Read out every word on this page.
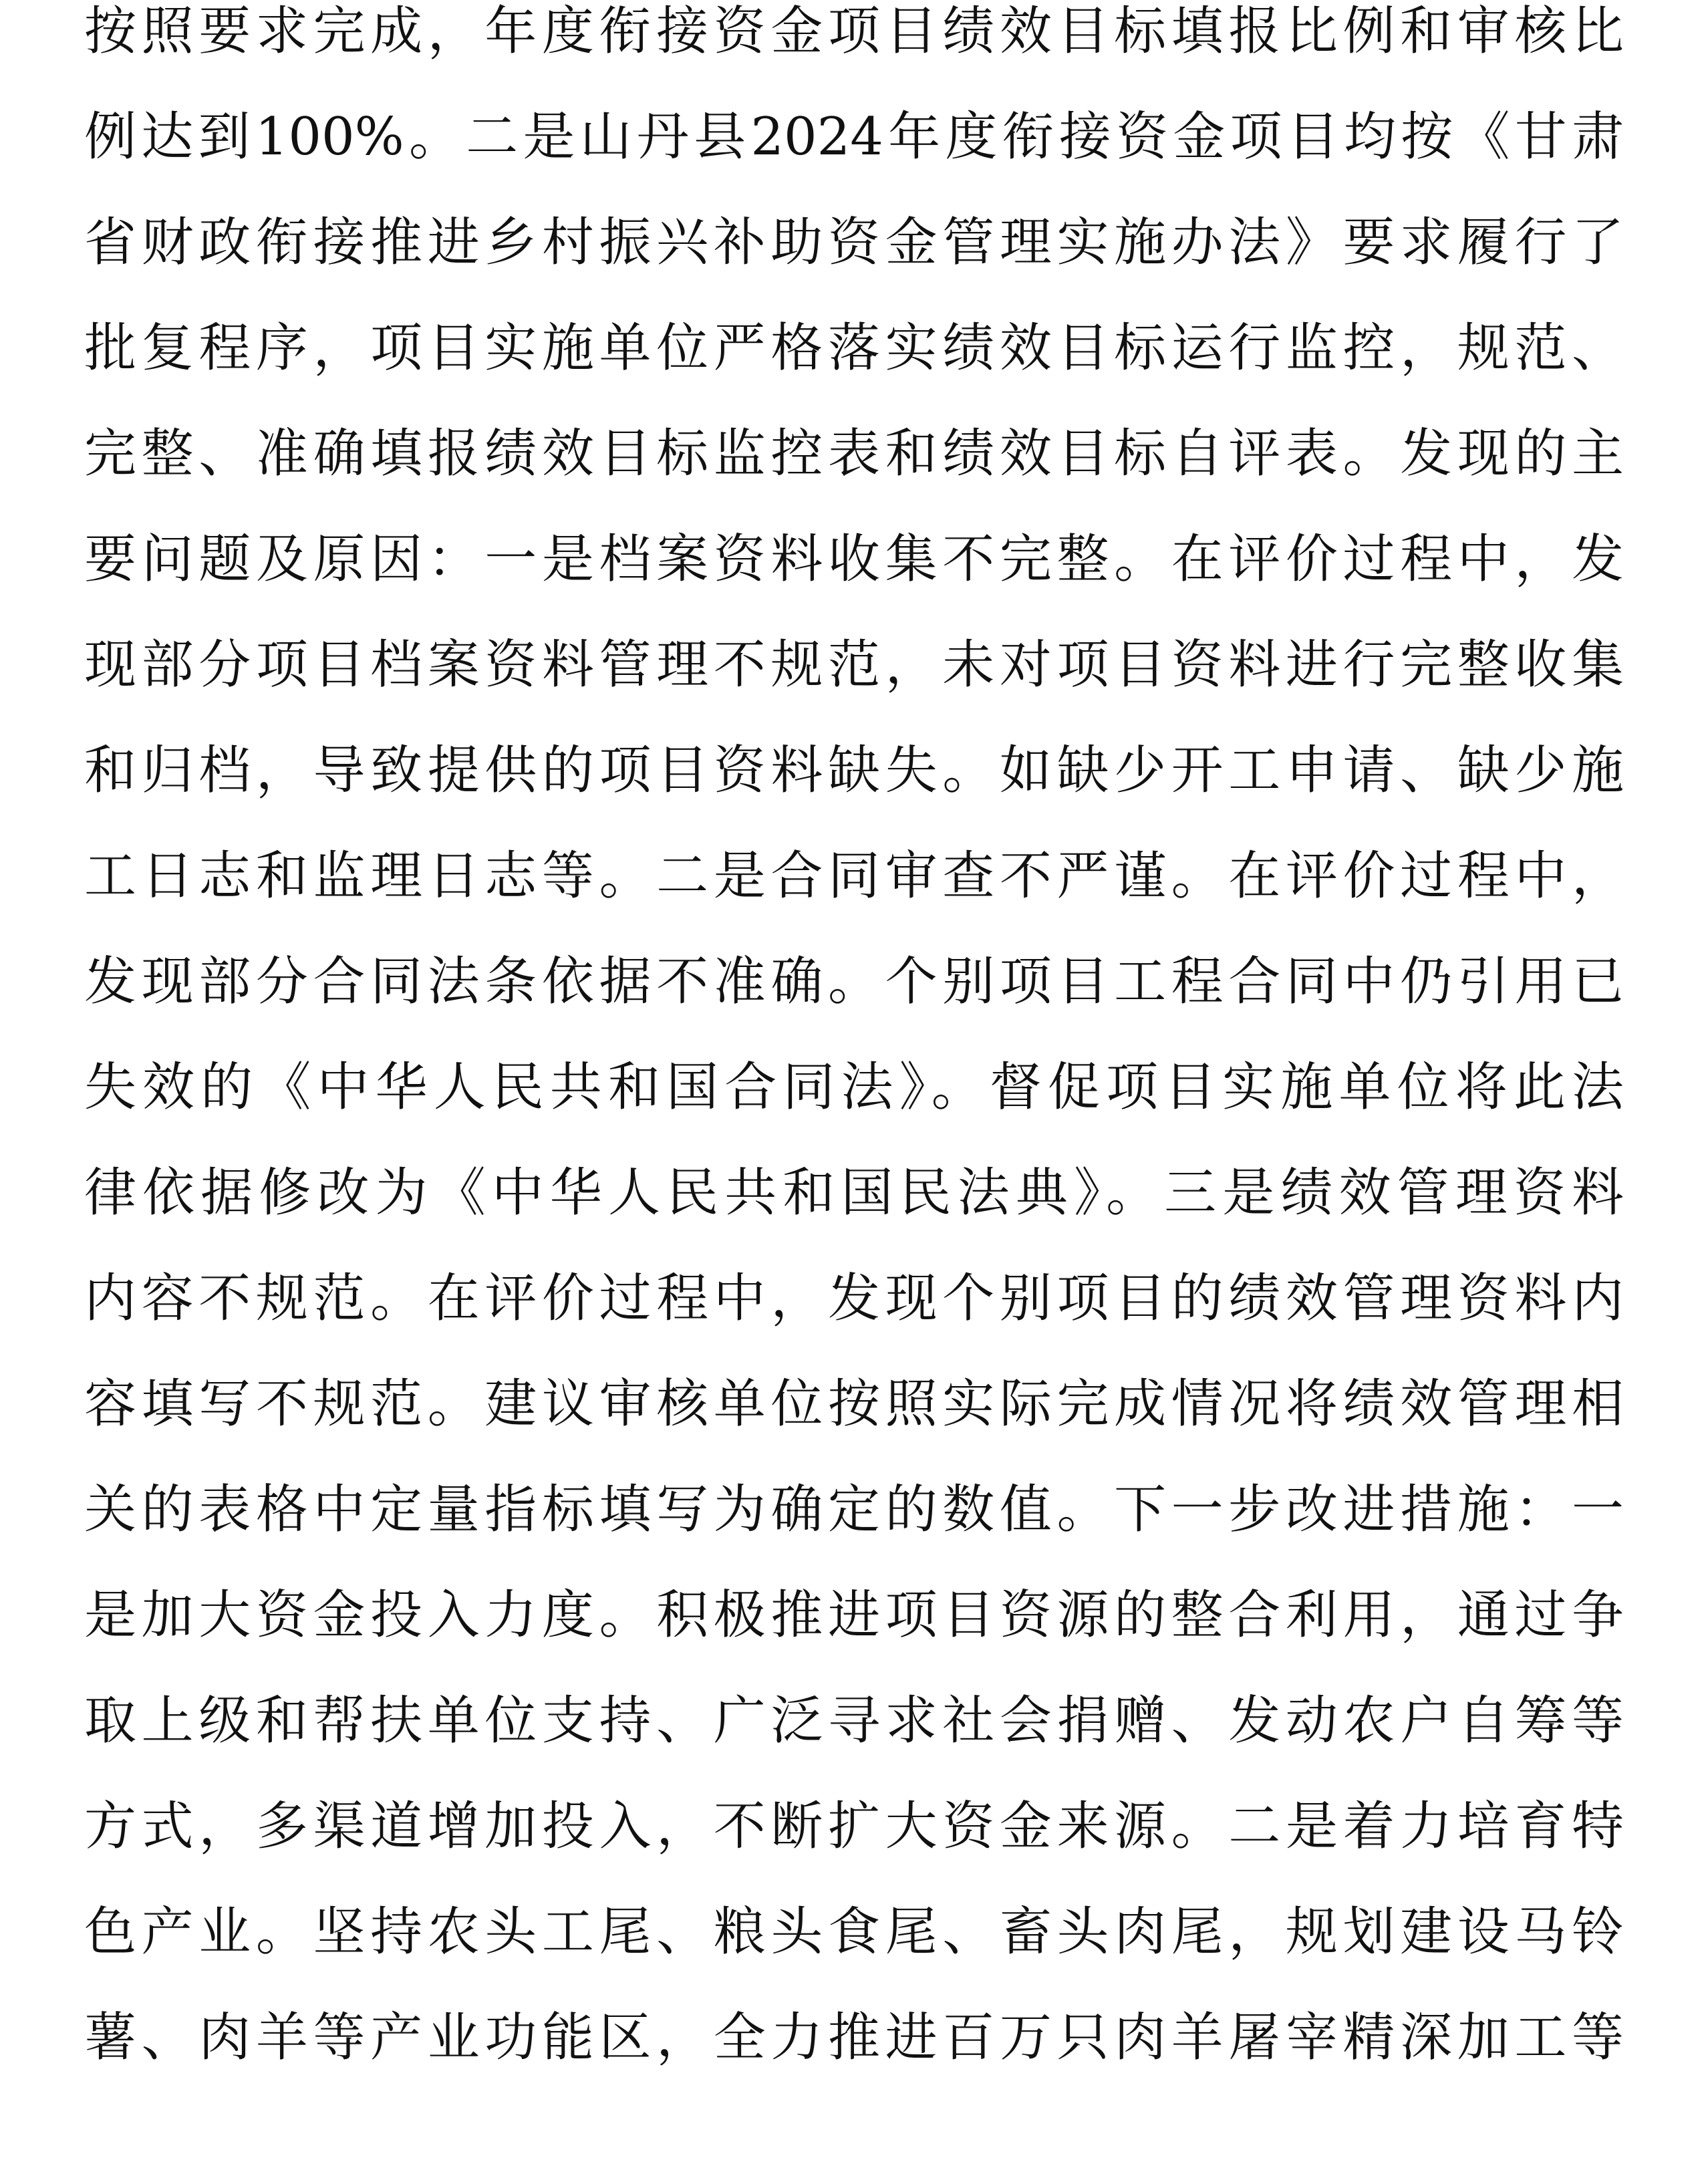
按照要求完成，年度衔接资金项目绩效目标填报比例和审核比
例达到100%。二是山丹县2024年度衔接资金项目均按《甘肃
省财政衔接推进乡村振兴补助资金管理实施办法》要求履行了
批复程序，项目实施单位严格落实绩效目标运行监控，规范、
完整、准确填报绩效目标监控表和绩效目标自评表。发现的主
要问题及原因：一是档案资料收集不完整。在评价过程中，发
现部分项目档案资料管理不规范，未对项目资料进行完整收集
和归档，导致提供的项目资料缺失。如缺少开工申请、缺少施
工日志和监理日志等。二是合同审查不严谨。在评价过程中，
发现部分合同法条依据不准确。个别项目工程合同中仍引用已
失效的《中华人民共和国合同法》。督促项目实施单位将此法
律依据修改为《中华人民共和国民法典》。三是绩效管理资料
内容不规范。在评价过程中，发现个别项目的绩效管理资料内
容填写不规范。建议审核单位按照实际完成情况将绩效管理相
关的表格中定量指标填写为确定的数值。下一步改进措施：一
是加大资金投入力度。积极推进项目资源的整合利用，通过争
取上级和帮扶单位支持、广泛寻求社会捐赠、发动农户自筹等
方式，多渠道增加投入，不断扩大资金来源。二是着力培育特
色产业。坚持农头工尾、粮头食尾、畜头肉尾，规划建设马铃
薯、肉羊等产业功能区，全力推进百万只肉羊屠宰精深加工等
